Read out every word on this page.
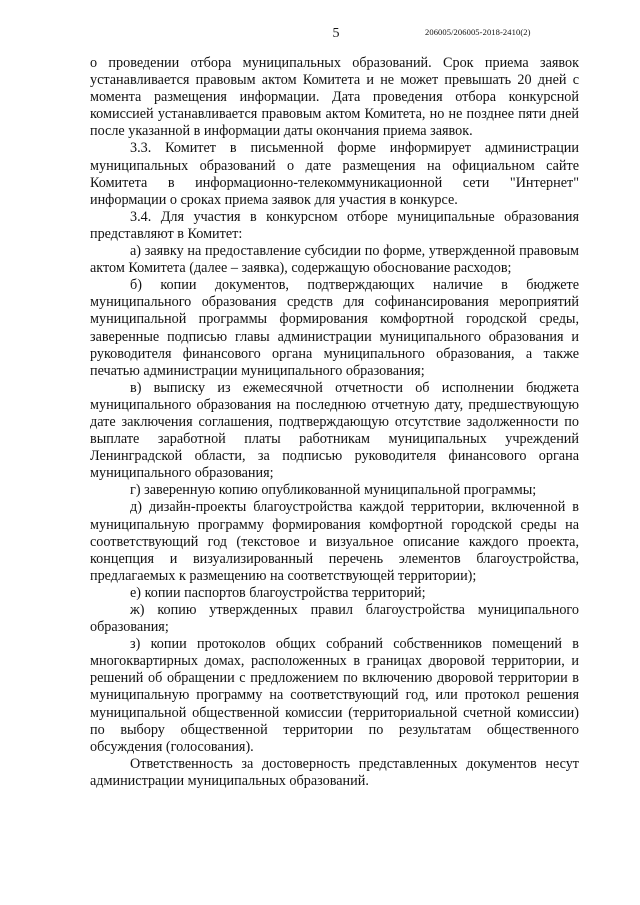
5	206005/206005-2018-2410(2)

о проведении отбора муниципальных образований. Срок приема заявок устанавливается правовым актом Комитета и не может превышать 20 дней с момента размещения информации. Дата проведения отбора конкурсной комиссией устанавливается правовым актом Комитета, но не позднее пяти дней после указанной в информации даты окончания приема заявок.

3.3. Комитет в письменной форме информирует администрации муниципальных образований о дате размещения на официальном сайте Комитета в информационно-телекоммуникационной сети "Интернет" информации о сроках приема заявок для участия в конкурсе.

3.4. Для участия в конкурсном отборе муниципальные образования представляют в Комитет:

а) заявку на предоставление субсидии по форме, утвержденной правовым актом Комитета (далее – заявка), содержащую обоснование расходов;

б) копии документов, подтверждающих наличие в бюджете муниципального образования средств для софинансирования мероприятий муниципальной программы формирования комфортной городской среды, заверенные подписью главы администрации муниципального образования и руководителя финансового органа муниципального образования, а также печатью администрации муниципального образования;

в) выписку из ежемесячной отчетности об исполнении бюджета муниципального образования на последнюю отчетную дату, предшествующую дате заключения соглашения, подтверждающую отсутствие задолженности по выплате заработной платы работникам муниципальных учреждений Ленинградской области, за подписью руководителя финансового органа муниципального образования;

г) заверенную копию опубликованной муниципальной программы;

д) дизайн-проекты благоустройства каждой территории, включенной в муниципальную программу формирования комфортной городской среды на соответствующий год (текстовое и визуальное описание каждого проекта, концепция и визуализированный перечень элементов благоустройства, предлагаемых к размещению на соответствующей территории);

е) копии паспортов благоустройства территорий;

ж) копию утвержденных правил благоустройства муниципального образования;

з) копии протоколов общих собраний собственников помещений в многоквартирных домах, расположенных в границах дворовой территории, и решений об обращении с предложением по включению дворовой территории в муниципальную программу на соответствующий год, или протокол решения муниципальной общественной комиссии (территориальной счетной комиссии) по выбору общественной территории по результатам общественного обсуждения (голосования).

Ответственность за достоверность представленных документов несут администрации муниципальных образований.
